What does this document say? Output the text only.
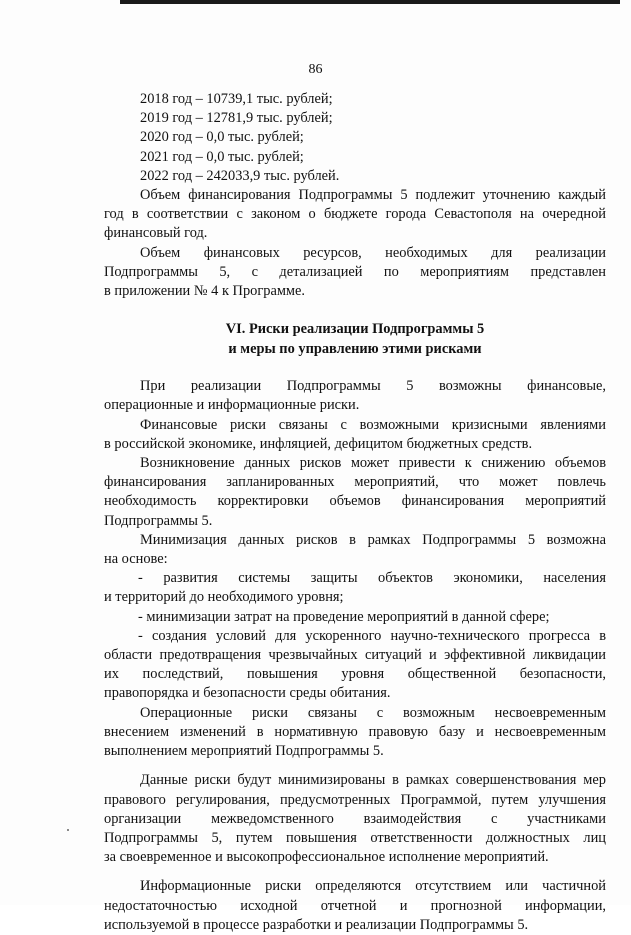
86
2018 год – 10739,1 тыс. рублей;
2019 год – 12781,9 тыс. рублей;
2020 год – 0,0 тыс. рублей;
2021 год – 0,0 тыс. рублей;
2022 год – 242033,9 тыс. рублей.
Объем финансирования Подпрограммы 5 подлежит уточнению каждый
год в соответствии с законом о бюджете города Севастополя на очередной
финансовый год.
Объем финансовых ресурсов, необходимых для реализации
Подпрограммы 5, с детализацией по мероприятиям представлен
в приложении № 4 к Программе.
VI. Риски реализации Подпрограммы 5
и меры по управлению этими рисками
При реализации Подпрограммы 5 возможны финансовые,
операционные и информационные риски.
Финансовые риски связаны с возможными кризисными явлениями
в российской экономике, инфляцией, дефицитом бюджетных средств.
Возникновение данных рисков может привести к снижению объемов
финансирования запланированных мероприятий, что может повлечь
необходимость корректировки объемов финансирования мероприятий
Подпрограммы 5.
Минимизация данных рисков в рамках Подпрограммы 5 возможна
на основе:
- развития системы защиты объектов экономики, населения
и территорий до необходимого уровня;
- минимизации затрат на проведение мероприятий в данной сфере;
- создания условий для ускоренного научно-технического прогресса в
области предотвращения чрезвычайных ситуаций и эффективной ликвидации
их последствий, повышения уровня общественной безопасности,
правопорядка и безопасности среды обитания.
Операционные риски связаны с возможным несвоевременным
внесением изменений в нормативную правовую базу и несвоевременным
выполнением мероприятий Подпрограммы 5.
Данные риски будут минимизированы в рамках совершенствования мер
правового регулирования, предусмотренных Программой, путем улучшения
организации межведомственного взаимодействия с участниками
Подпрограммы 5, путем повышения ответственности должностных лиц
за своевременное и высокопрофессиональное исполнение мероприятий.
Информационные риски определяются отсутствием или частичной
недостаточностью исходной отчетной и прогнозной информации,
используемой в процессе разработки и реализации Подпрограммы 5.
